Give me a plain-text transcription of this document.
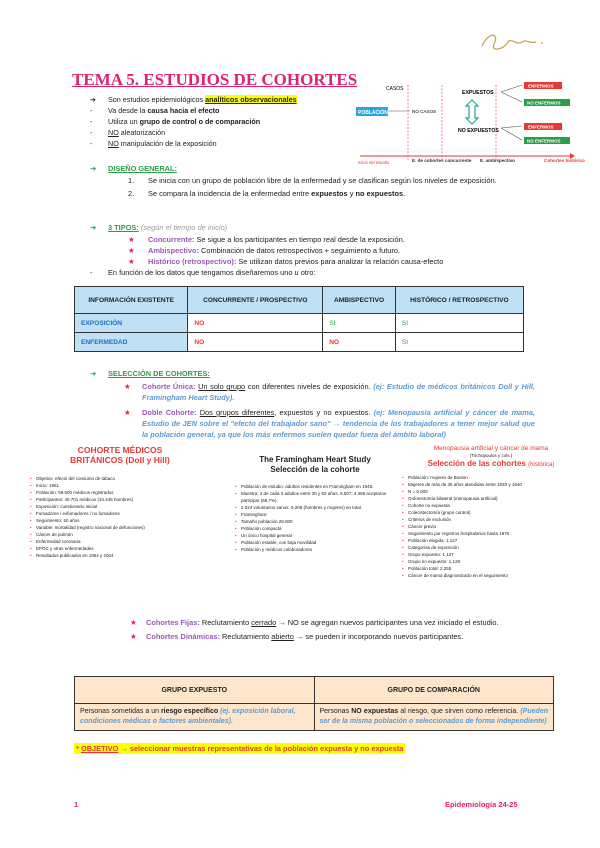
TEMA 5. ESTUDIOS DE COHORTES
➔	Son estudios epidemiológicos analíticos observacionales
-	Va desde la causa hacia el efecto
-	Utiliza un grupo de control o de comparación
-	NO aleatorización
-	NO manipulación de la exposición
CASOS
POBLACIÓN	NO CASOS
EXPUESTOS
NO EXPUESTOS
ENFERMOS
NO ENFERMOS
ENFERMOS
NO ENFERMOS
Inicio del estudio	E. de cohortes concurrente E. ambispectivo	Cohortes histórico
➔ DISEÑO GENERAL:
1. Se inicia con un grupo de población libre de la enfermedad y se clasifican según los niveles de exposición.
2. Se compara la incidencia de la enfermedad entre expuestos y no expuestos.
➔ 3 TIPOS: (según el tiempo de inicio)
★ Concurrente: Se sigue a los participantes en tiempo real desde la exposición.
★ Ambispectivo: Combinación de datos retrospectivos + seguimiento a futuro.
★ Histórico (retrospectivo): Se utilizan datos previos para analizar la relación causa-efecto
- En función de los datos que tengamos diseñaremos uno u otro:
INFORMACIÓN EXISTENTE	CONCURRENTE / PROSPECTIVO	AMBISPECTIVO	HISTÓRICO / RETROSPECTIVO
EXPOSICIÓN	NO	SI	SI
ENFERMEDAD	NO	NO	SI
➔ SELECCIÓN DE COHORTES:
★ Cohorte Única: Un solo grupo con diferentes niveles de exposición. (ej: Estudio de médicos británicos Doll y Hill, Framingham Heart Study).
★ Doble Cohorte: Dos grupos diferentes, expuestos y no expuestos. (ej: Menopausia artificial y cáncer de mama, Estudio de JEN sobre el "efecto del trabajador sano" → tendencia de los trabajadores a tener mejor salud que la población general, ya que los más enfermos suelen quedar fuera del ámbito laboral)
COHORTE MÉDICOS
BRITÁNICOS (Doll y Hill)
• Objetivo: efecto del consumo de tabaco
• Inicio: 1951
• Población: 59.600 médicos registrados
• Participantes: 40.701 médicos (34.445 hombres)
• Exposición: cuestionario inicial
• Fumadores / exfumadores / no fumadores
• Seguimiento: 50 años
• Variable: mortalidad (registro nacional de defunciones)
• Cáncer de pulmón
• Enfermedad coronaria
• EPOC y otras enfermedades
• Resultados publicados en 1954 y 2004
The Framingham Heart Study
Selección de la cohorte
• Población de estudio: adultos residentes en Framingham en 1948.
• Muestra: 2 de cada 3 adultos entre 30 y 62 años. 6.507; 4.469 aceptaron participar (68,7%).
• 2.024 voluntarios sanos. 5.209 (hombres y mujeres) en total.
• Framingham:
• Tamaño población 28.000
• Población compacta
• Un único hospital general
• Población estable, con baja movilidad
• Población y médicos colaboradores
Menopausia artificial y cáncer de mama
(Trichopoulos y cols.)
Selección de las cohortes (histórica)
• Población: mujeres de Boston
• Mujeres de más de 35 años atendidas entre 1930 y 1940
• N = 6.000
• Ooforectomía bilateral (menopausia artificial)
• Cohorte no expuesta
• Colecistectomía (grupo control)
• Criterios de exclusión
• Cáncer previo
• Seguimiento por registros hospitalarios hasta 1970
• Población elegida: 1.127
• Categorías de exposición
• Grupo expuesto: 1.127
• Grupo no expuesto: 1.128
• Población total: 2.255
• Cáncer de mama diagnosticado en el seguimiento
★ Cohortes Fijas: Reclutamiento cerrado → NO se agregan nuevos participantes una vez iniciado el estudio.
★ Cohortes Dinámicas: Reclutamiento abierto → se pueden ir incorporando nuevos participantes.
GRUPO EXPUESTO	GRUPO DE COMPARACIÓN
Personas sometidas a un riesgo específico (ej. exposición laboral, condiciones médicas o factores ambientales).	Personas NO expuestas al riesgo, que sirven como referencia. (Pueden ser de la misma población o seleccionados de forma independiente)
* OBJETIVO → seleccionar muestras representativas de la población expuesta y no expuesta
1	Epidemiología 24-25
